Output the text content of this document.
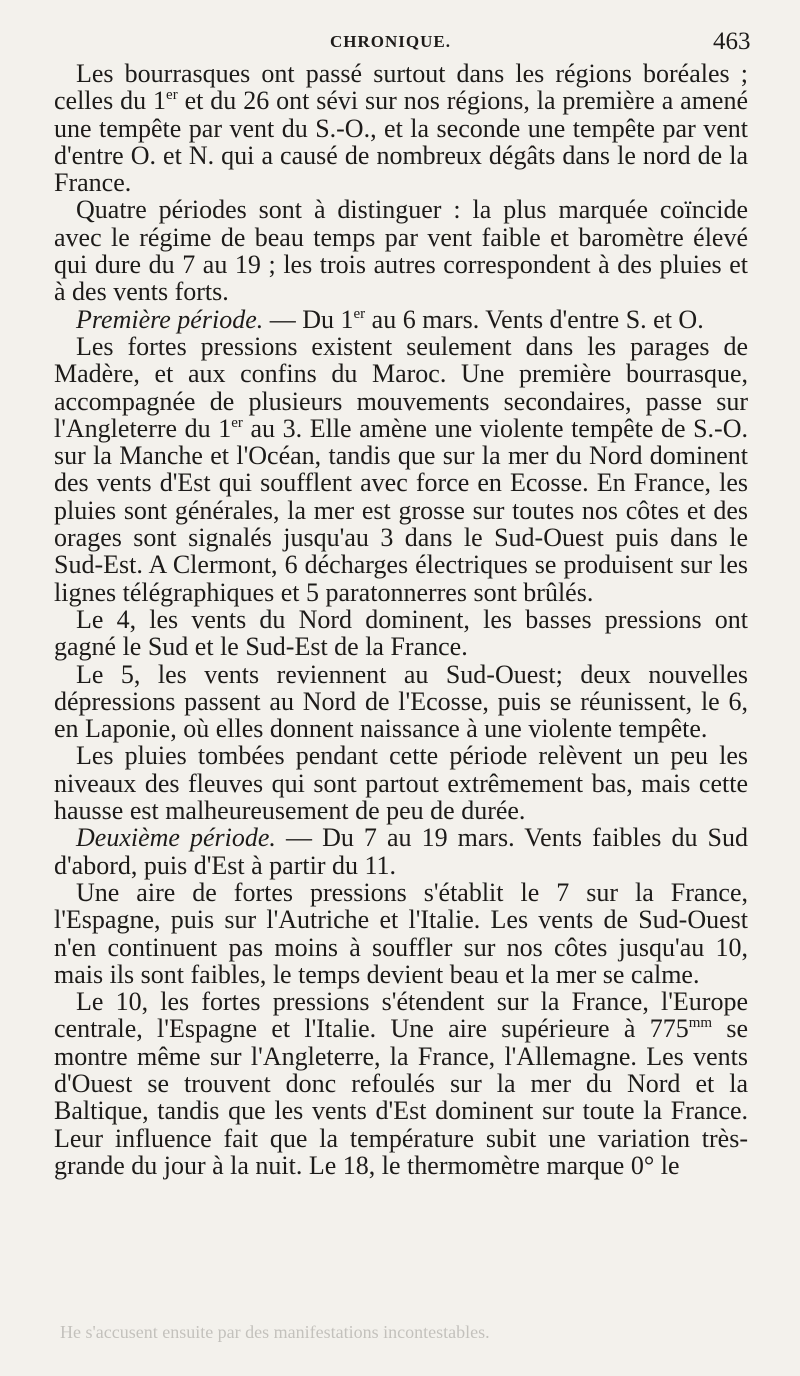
CHRONIQUE.	463

Les bourrasques ont passé surtout dans les régions boréales ; celles du 1er et du 26 ont sévi sur nos régions, la première a amené une tempête par vent du S.-O., et la seconde une tempête par vent d'entre O. et N. qui a causé de nombreux dégâts dans le nord de la France.

Quatre périodes sont à distinguer : la plus marquée coïncide avec le régime de beau temps par vent faible et baromètre élevé qui dure du 7 au 19 ; les trois autres correspondent à des pluies et à des vents forts.

Première période. — Du 1er au 6 mars. Vents d'entre S. et O.

Les fortes pressions existent seulement dans les parages de Madère, et aux confins du Maroc. Une première bourrasque, accompagnée de plusieurs mouvements secondaires, passe sur l'Angleterre du 1er au 3. Elle amène une violente tempête de S.-O. sur la Manche et l'Océan, tandis que sur la mer du Nord dominent des vents d'Est qui soufflent avec force en Ecosse. En France, les pluies sont générales, la mer est grosse sur toutes nos côtes et des orages sont signalés jusqu'au 3 dans le Sud-Ouest puis dans le Sud-Est. A Clermont, 6 décharges électriques se produisent sur les lignes télégraphiques et 5 paratonnerres sont brûlés.

Le 4, les vents du Nord dominent, les basses pressions ont gagné le Sud et le Sud-Est de la France.

Le 5, les vents reviennent au Sud-Ouest; deux nouvelles dépressions passent au Nord de l'Ecosse, puis se réunissent, le 6, en Laponie, où elles donnent naissance à une violente tempête.

Les pluies tombées pendant cette période relèvent un peu les niveaux des fleuves qui sont partout extrêmement bas, mais cette hausse est malheureusement de peu de durée.

Deuxième période. — Du 7 au 19 mars. Vents faibles du Sud d'abord, puis d'Est à partir du 11.

Une aire de fortes pressions s'établit le 7 sur la France, l'Espagne, puis sur l'Autriche et l'Italie. Les vents de Sud-Ouest n'en continuent pas moins à souffler sur nos côtes jusqu'au 10, mais ils sont faibles, le temps devient beau et la mer se calme.

Le 10, les fortes pressions s'étendent sur la France, l'Europe centrale, l'Espagne et l'Italie. Une aire supérieure à $775^{mm}$ se montre même sur l'Angleterre, la France, l'Allemagne. Les vents d'Ouest se trouvent donc refoulés sur la mer du Nord et la Baltique, tandis que les vents d'Est dominent sur toute la France. Leur influence fait que la température subit une variation très-grande du jour à la nuit. Le 18, le thermomètre marque 0° le

He s'accusent ensuite par des manifestations incontestables.
